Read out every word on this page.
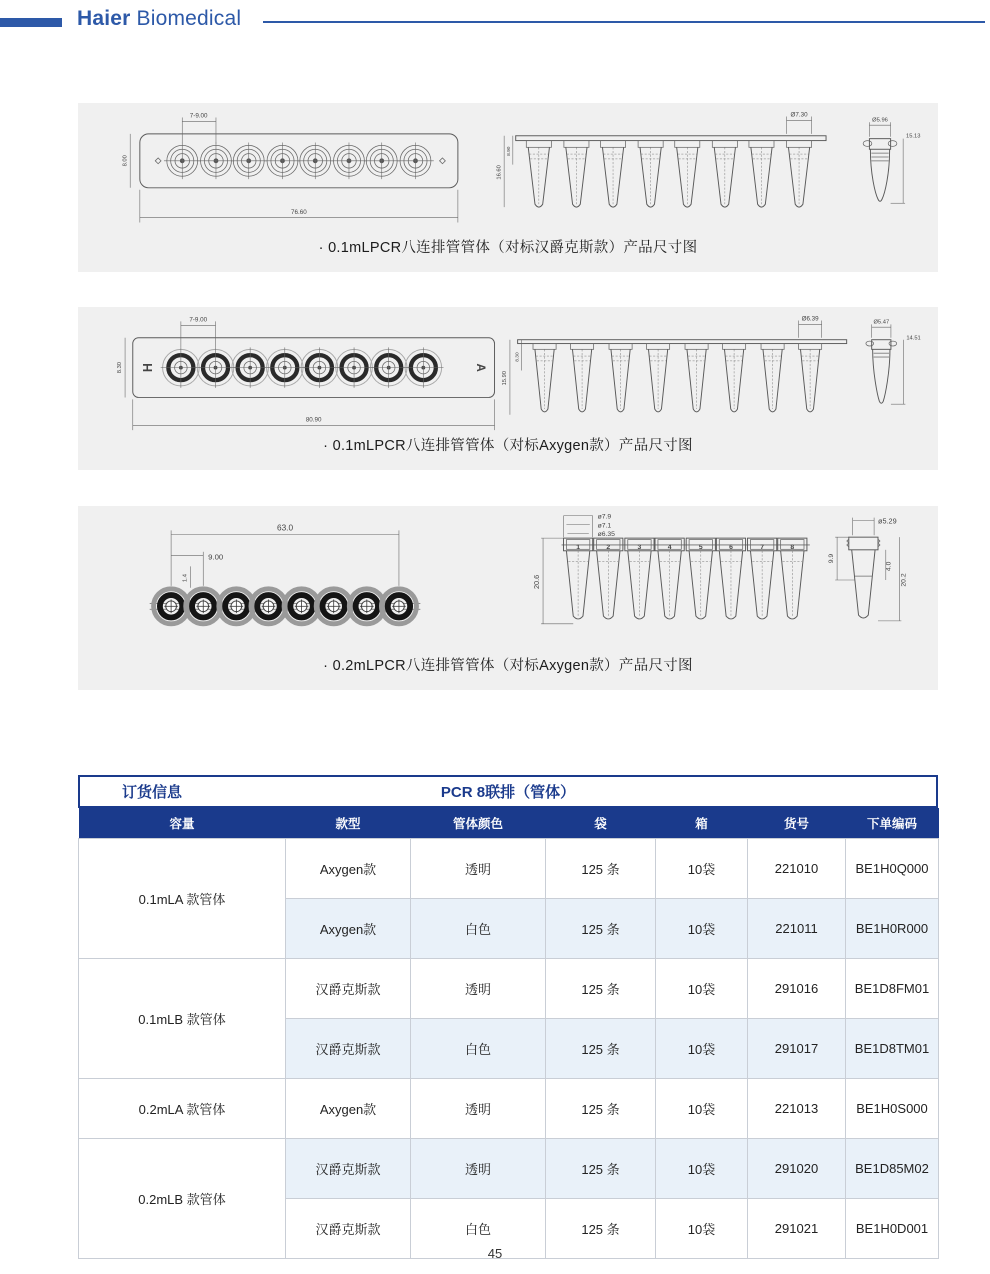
Haier Biomedical
7-9.00
76.60
8.00
Ø7.30
16.60
8.90
Ø5.96
15.13
· 0.1mLPCR八连排管管体（对标汉爵克斯款）产品尺寸图
H	A
7-9.00
80.90
8.30
Ø6.39
15.90
8.30
Ø5.47
14.51
· 0.1mLPCR八连排管管体（对标Axygen款）产品尺寸图
63.0
9.00
1.4
1	2	3	4	5	6	7	8
ø7.9
ø7.1
ø6.35
20.6
ø5.29
9.9
4.0
20.2
· 0.2mLPCR八连排管管体（对标Axygen款）产品尺寸图
订货信息	PCR 8联排（管体）
容量	款型	管体颜色	袋	箱	货号	下单编码
0.1mLA 款管体	Axygen款	透明	125 条	10袋	221010	BE1H0Q000
	Axygen款	白色	125 条	10袋	221011	BE1H0R000
0.1mLB 款管体	汉爵克斯款	透明	125 条	10袋	291016	BE1D8FM01
	汉爵克斯款	白色	125 条	10袋	291017	BE1D8TM01
0.2mLA 款管体	Axygen款	透明	125 条	10袋	221013	BE1H0S000
0.2mLB 款管体	汉爵克斯款	透明	125 条	10袋	291020	BE1D85M02
	汉爵克斯款	白色	125 条	10袋	291021	BE1H0D001
45
